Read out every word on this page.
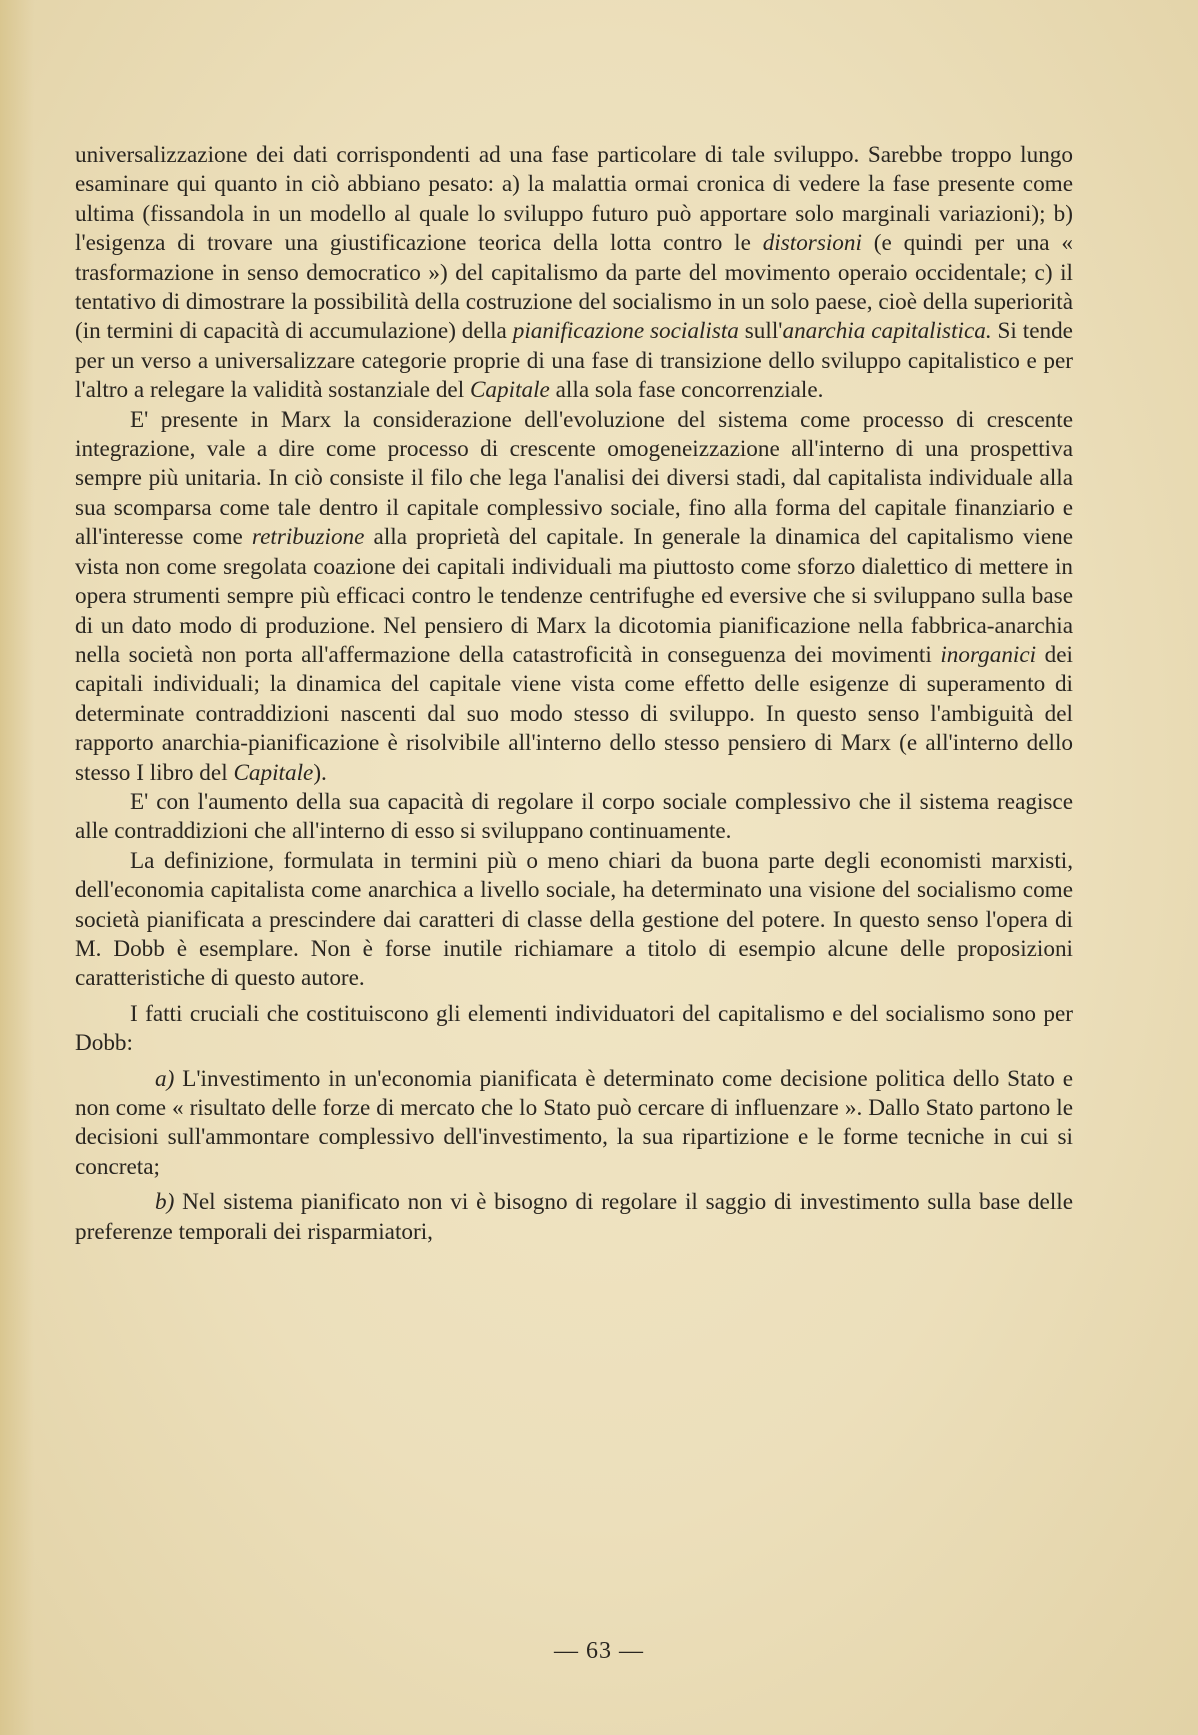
universalizzazione dei dati corrispondenti ad una fase particolare di tale sviluppo. Sarebbe troppo lungo esaminare qui quanto in ciò abbiano pesato: a) la malattia ormai cronica di vedere la fase presente come ultima (fissandola in un modello al quale lo sviluppo futuro può apportare solo marginali variazioni); b) l'esigenza di trovare una giustificazione teorica della lotta contro le distorsioni (e quindi per una « trasformazione in senso democratico ») del capitalismo da parte del movimento operaio occidentale; c) il tentativo di dimostrare la possibilità della costruzione del socialismo in un solo paese, cioè della superiorità (in termini di capacità di accumulazione) della pianificazione socialista sull'anarchia capitalistica. Si tende per un verso a universalizzare categorie proprie di una fase di transizione dello sviluppo capitalistico e per l'altro a relegare la validità sostanziale del Capitale alla sola fase concorrenziale.

E' presente in Marx la considerazione dell'evoluzione del sistema come processo di crescente integrazione, vale a dire come processo di crescente omogeneizzazione all'interno di una prospettiva sempre più unitaria. In ciò consiste il filo che lega l'analisi dei diversi stadi, dal capitalista individuale alla sua scomparsa come tale dentro il capitale complessivo sociale, fino alla forma del capitale finanziario e all'interesse come retribuzione alla proprietà del capitale. In generale la dinamica del capitalismo viene vista non come sregolata coazione dei capitali individuali ma piuttosto come sforzo dialettico di mettere in opera strumenti sempre più efficaci contro le tendenze centrifughe ed eversive che si sviluppano sulla base di un dato modo di produzione. Nel pensiero di Marx la dicotomia pianificazione nella fabbrica-anarchia nella società non porta all'affermazione della catastroficità in conseguenza dei movimenti inorganici dei capitali individuali; la dinamica del capitale viene vista come effetto delle esigenze di superamento di determinate contraddizioni nascenti dal suo modo stesso di sviluppo. In questo senso l'ambiguità del rapporto anarchia-pianificazione è risolvibile all'interno dello stesso pensiero di Marx (e all'interno dello stesso I libro del Capitale).

E' con l'aumento della sua capacità di regolare il corpo sociale complessivo che il sistema reagisce alle contraddizioni che all'interno di esso si sviluppano continuamente.

La definizione, formulata in termini più o meno chiari da buona parte degli economisti marxisti, dell'economia capitalista come anarchica a livello sociale, ha determinato una visione del socialismo come società pianificata a prescindere dai caratteri di classe della gestione del potere. In questo senso l'opera di M. Dobb è esemplare. Non è forse inutile richiamare a titolo di esempio alcune delle proposizioni caratteristiche di questo autore.

I fatti cruciali che costituiscono gli elementi individuatori del capitalismo e del socialismo sono per Dobb:

a) L'investimento in un'economia pianificata è determinato come decisione politica dello Stato e non come « risultato delle forze di mercato che lo Stato può cercare di influenzare ». Dallo Stato partono le decisioni sull'ammontare complessivo dell'investimento, la sua ripartizione e le forme tecniche in cui si concreta;

b) Nel sistema pianificato non vi è bisogno di regolare il saggio di investimento sulla base delle preferenze temporali dei risparmiatori,

— 63 —
